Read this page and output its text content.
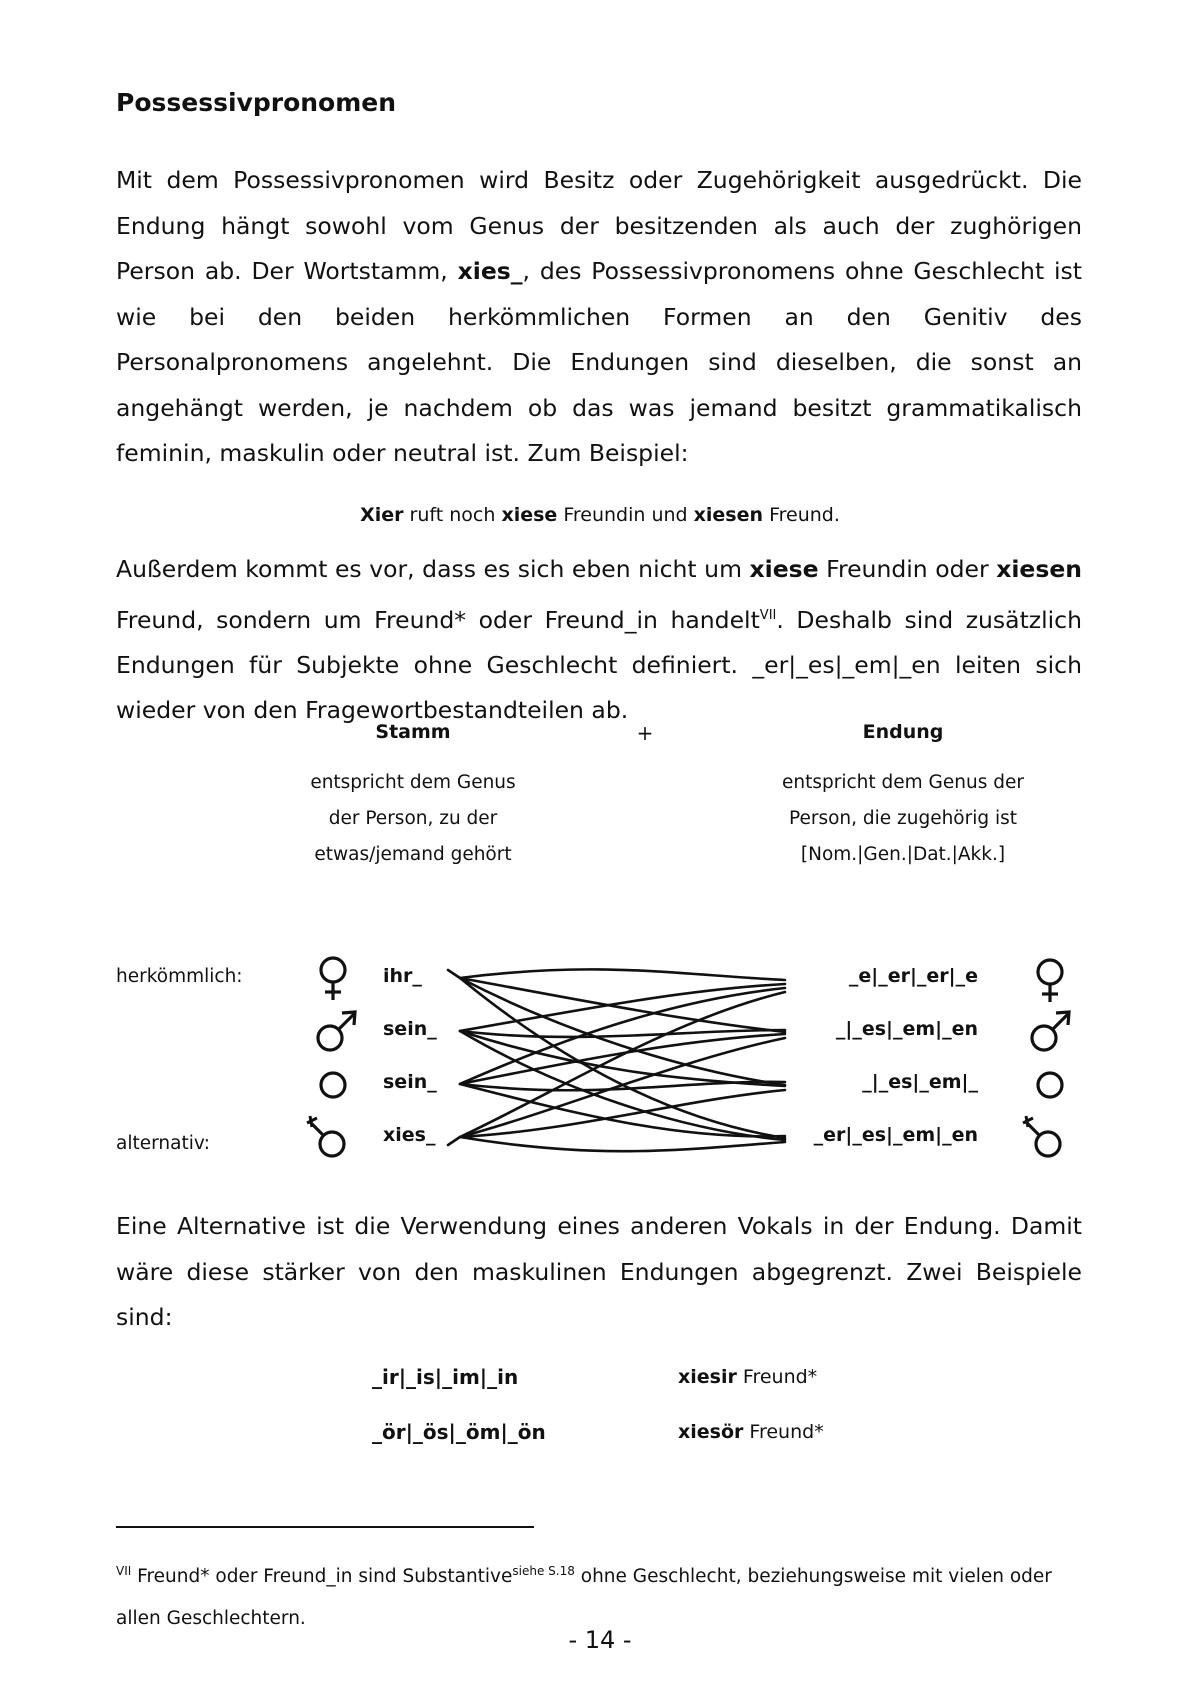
Possessivpronomen

Mit dem Possessivpronomen wird Besitz oder Zugehörigkeit ausgedrückt. Die Endung hängt sowohl vom Genus der besitzenden als auch der zughörigen Person ab. Der Wortstamm, xies_, des Possessivpronomens ohne Geschlecht ist wie bei den beiden herkömmlichen Formen an den Genitiv des Personalpronomens angelehnt. Die Endungen sind dieselben, die sonst an angehängt werden, je nachdem ob das was jemand besitzt grammatikalisch feminin, maskulin oder neutral ist. Zum Beispiel:

Xier ruft noch xiese Freundin und xiesen Freund.

Außerdem kommt es vor, dass es sich eben nicht um xiese Freundin oder xiesen Freund, sondern um Freund* oder Freund_in handelt$^{VII}$. Deshalb sind zusätzlich Endungen für Subjekte ohne Geschlecht definiert. _er|_es|_em|_en leiten sich wieder von den Fragewortbestandteilen ab.

Stamm	+	Endung
entspricht dem Genus
der Person, zu der
etwas/jemand gehört
entspricht dem Genus der
Person, die zugehörig ist
[Nom.|Gen.|Dat.|Akk.]
herkömmlich:
alternativ:
ihr_
sein_
sein_
xies_
_e|_er|_er|_e
_|_es|_em|_en
_|_es|_em|_
_er|_es|_em|_en

Eine Alternative ist die Verwendung eines anderen Vokals in der Endung. Damit wäre diese stärker von den maskulinen Endungen abgegrenzt. Zwei Beispiele sind:

_ir|_is|_im|_in	xiesir Freund*
_ör|_ös|_öm|_ön	xiesör Freund*

$^{VII}$ Freund* oder Freund_in sind Substantive$^{siehe S.18}$ ohne Geschlecht, beziehungsweise mit vielen oder allen Geschlechtern.

- 14 -
